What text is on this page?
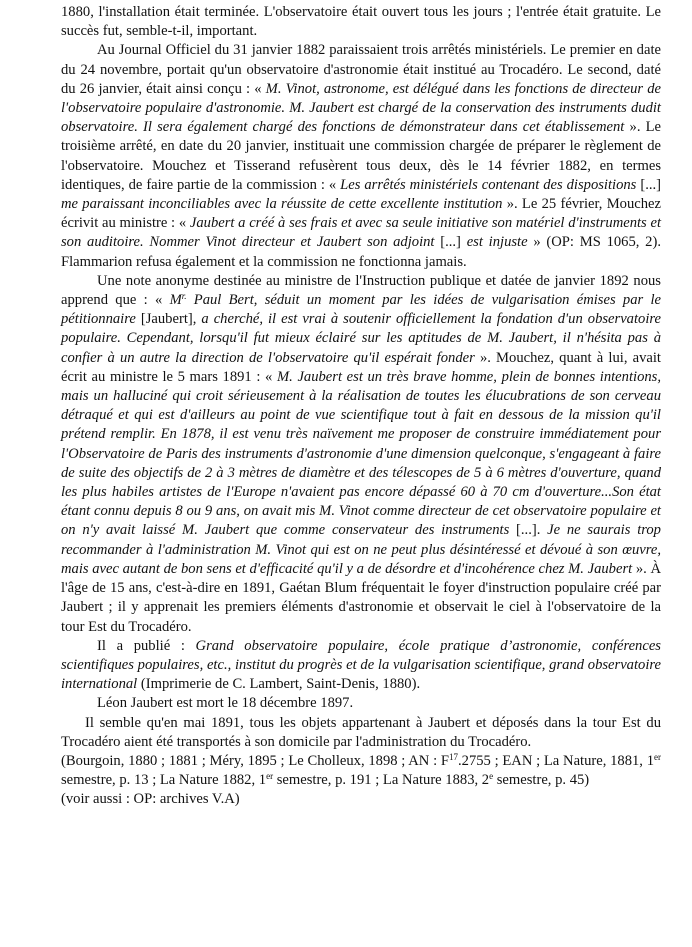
1880, l'installation était terminée. L'observatoire était ouvert tous les jours ; l'entrée était gratuite. Le succès fut, semble-t-il, important.

Au Journal Officiel du 31 janvier 1882 paraissaient trois arrêtés ministériels. Le premier en date du 24 novembre, portait qu'un observatoire d'astronomie était institué au Trocadéro. Le second, daté du 26 janvier, était ainsi conçu : « M. Vinot, astronome, est délégué dans les fonctions de directeur de l'observatoire populaire d'astronomie. M. Jaubert est chargé de la conservation des instruments dudit observatoire. Il sera également chargé des fonctions de démonstrateur dans cet établissement ». Le troisième arrêté, en date du 20 janvier, instituait une commission chargée de préparer le règlement de l'observatoire. Mouchez et Tisserand refusèrent tous deux, dès le 14 février 1882, en termes identiques, de faire partie de la commission : « Les arrêtés ministériels contenant des dispositions [...] me paraissant inconciliables avec la réussite de cette excellente institution ». Le 25 février, Mouchez écrivit au ministre : « Jaubert a créé à ses frais et avec sa seule initiative son matériel d'instruments et son auditoire. Nommer Vinot directeur et Jaubert son adjoint [...] est injuste » (OP: MS 1065, 2). Flammarion refusa également et la commission ne fonctionna jamais.

Une note anonyme destinée au ministre de l'Instruction publique et datée de janvier 1892 nous apprend que : « $M^{r.}$ Paul Bert, séduit un moment par les idées de vulgarisation émises par le pétitionnaire [Jaubert], a cherché, il est vrai à soutenir officiellement la fondation d'un observatoire populaire. Cependant, lorsqu'il fut mieux éclairé sur les aptitudes de M. Jaubert, il n'hésita pas à confier à un autre la direction de l'observatoire qu'il espérait fonder ». Mouchez, quant à lui, avait écrit au ministre le 5 mars 1891 : « M. Jaubert est un très brave homme, plein de bonnes intentions, mais un halluciné qui croit sérieusement à la réalisation de toutes les élucubrations de son cerveau détraqué et qui est d'ailleurs au point de vue scientifique tout à fait en dessous de la mission qu'il prétend remplir. En 1878, il est venu très naïvement me proposer de construire immédiatement pour l'Observatoire de Paris des instruments d'astronomie d'une dimension quelconque, s'engageant à faire de suite des objectifs de 2 à 3 mètres de diamètre et des télescopes de 5 à 6 mètres d'ouverture, quand les plus habiles artistes de l'Europe n'avaient pas encore dépassé 60 à 70 cm d'ouverture...Son état étant connu depuis 8 ou 9 ans, on avait mis M. Vinot comme directeur de cet observatoire populaire et on n'y avait laissé M. Jaubert que comme conservateur des instruments [...]. Je ne saurais trop recommander à l'administration M. Vinot qui est on ne peut plus désintéressé et dévoué à son œuvre, mais avec autant de bon sens et d'efficacité qu'il y a de désordre et d'incohérence chez M. Jaubert ». À l'âge de 15 ans, c'est-à-dire en 1891, Gaétan Blum fréquentait le foyer d'instruction populaire créé par Jaubert ; il y apprenait les premiers éléments d'astronomie et observait le ciel à l'observatoire de la tour Est du Trocadéro.

Il a publié : Grand observatoire populaire, école pratique d’astronomie, conférences scientifiques populaires, etc., institut du progrès et de la vulgarisation scientifique, grand observatoire international (Imprimerie de C. Lambert, Saint-Denis, 1880).

Léon Jaubert est mort le 18 décembre 1897.

Il semble qu'en mai 1891, tous les objets appartenant à Jaubert et déposés dans la tour Est du Trocadéro aient été transportés à son domicile par l'administration du Trocadéro.

(Bourgoin, 1880 ; 1881 ; Méry, 1895 ; Le Cholleux, 1898 ; AN : $F^{17}.2755$ ; EAN ; La Nature, 1881, 1er semestre, p. 13 ; La Nature 1882, 1er semestre, p. 191 ; La Nature 1883, 2e semestre, p. 45)

(voir aussi : OP: archives V.A)
